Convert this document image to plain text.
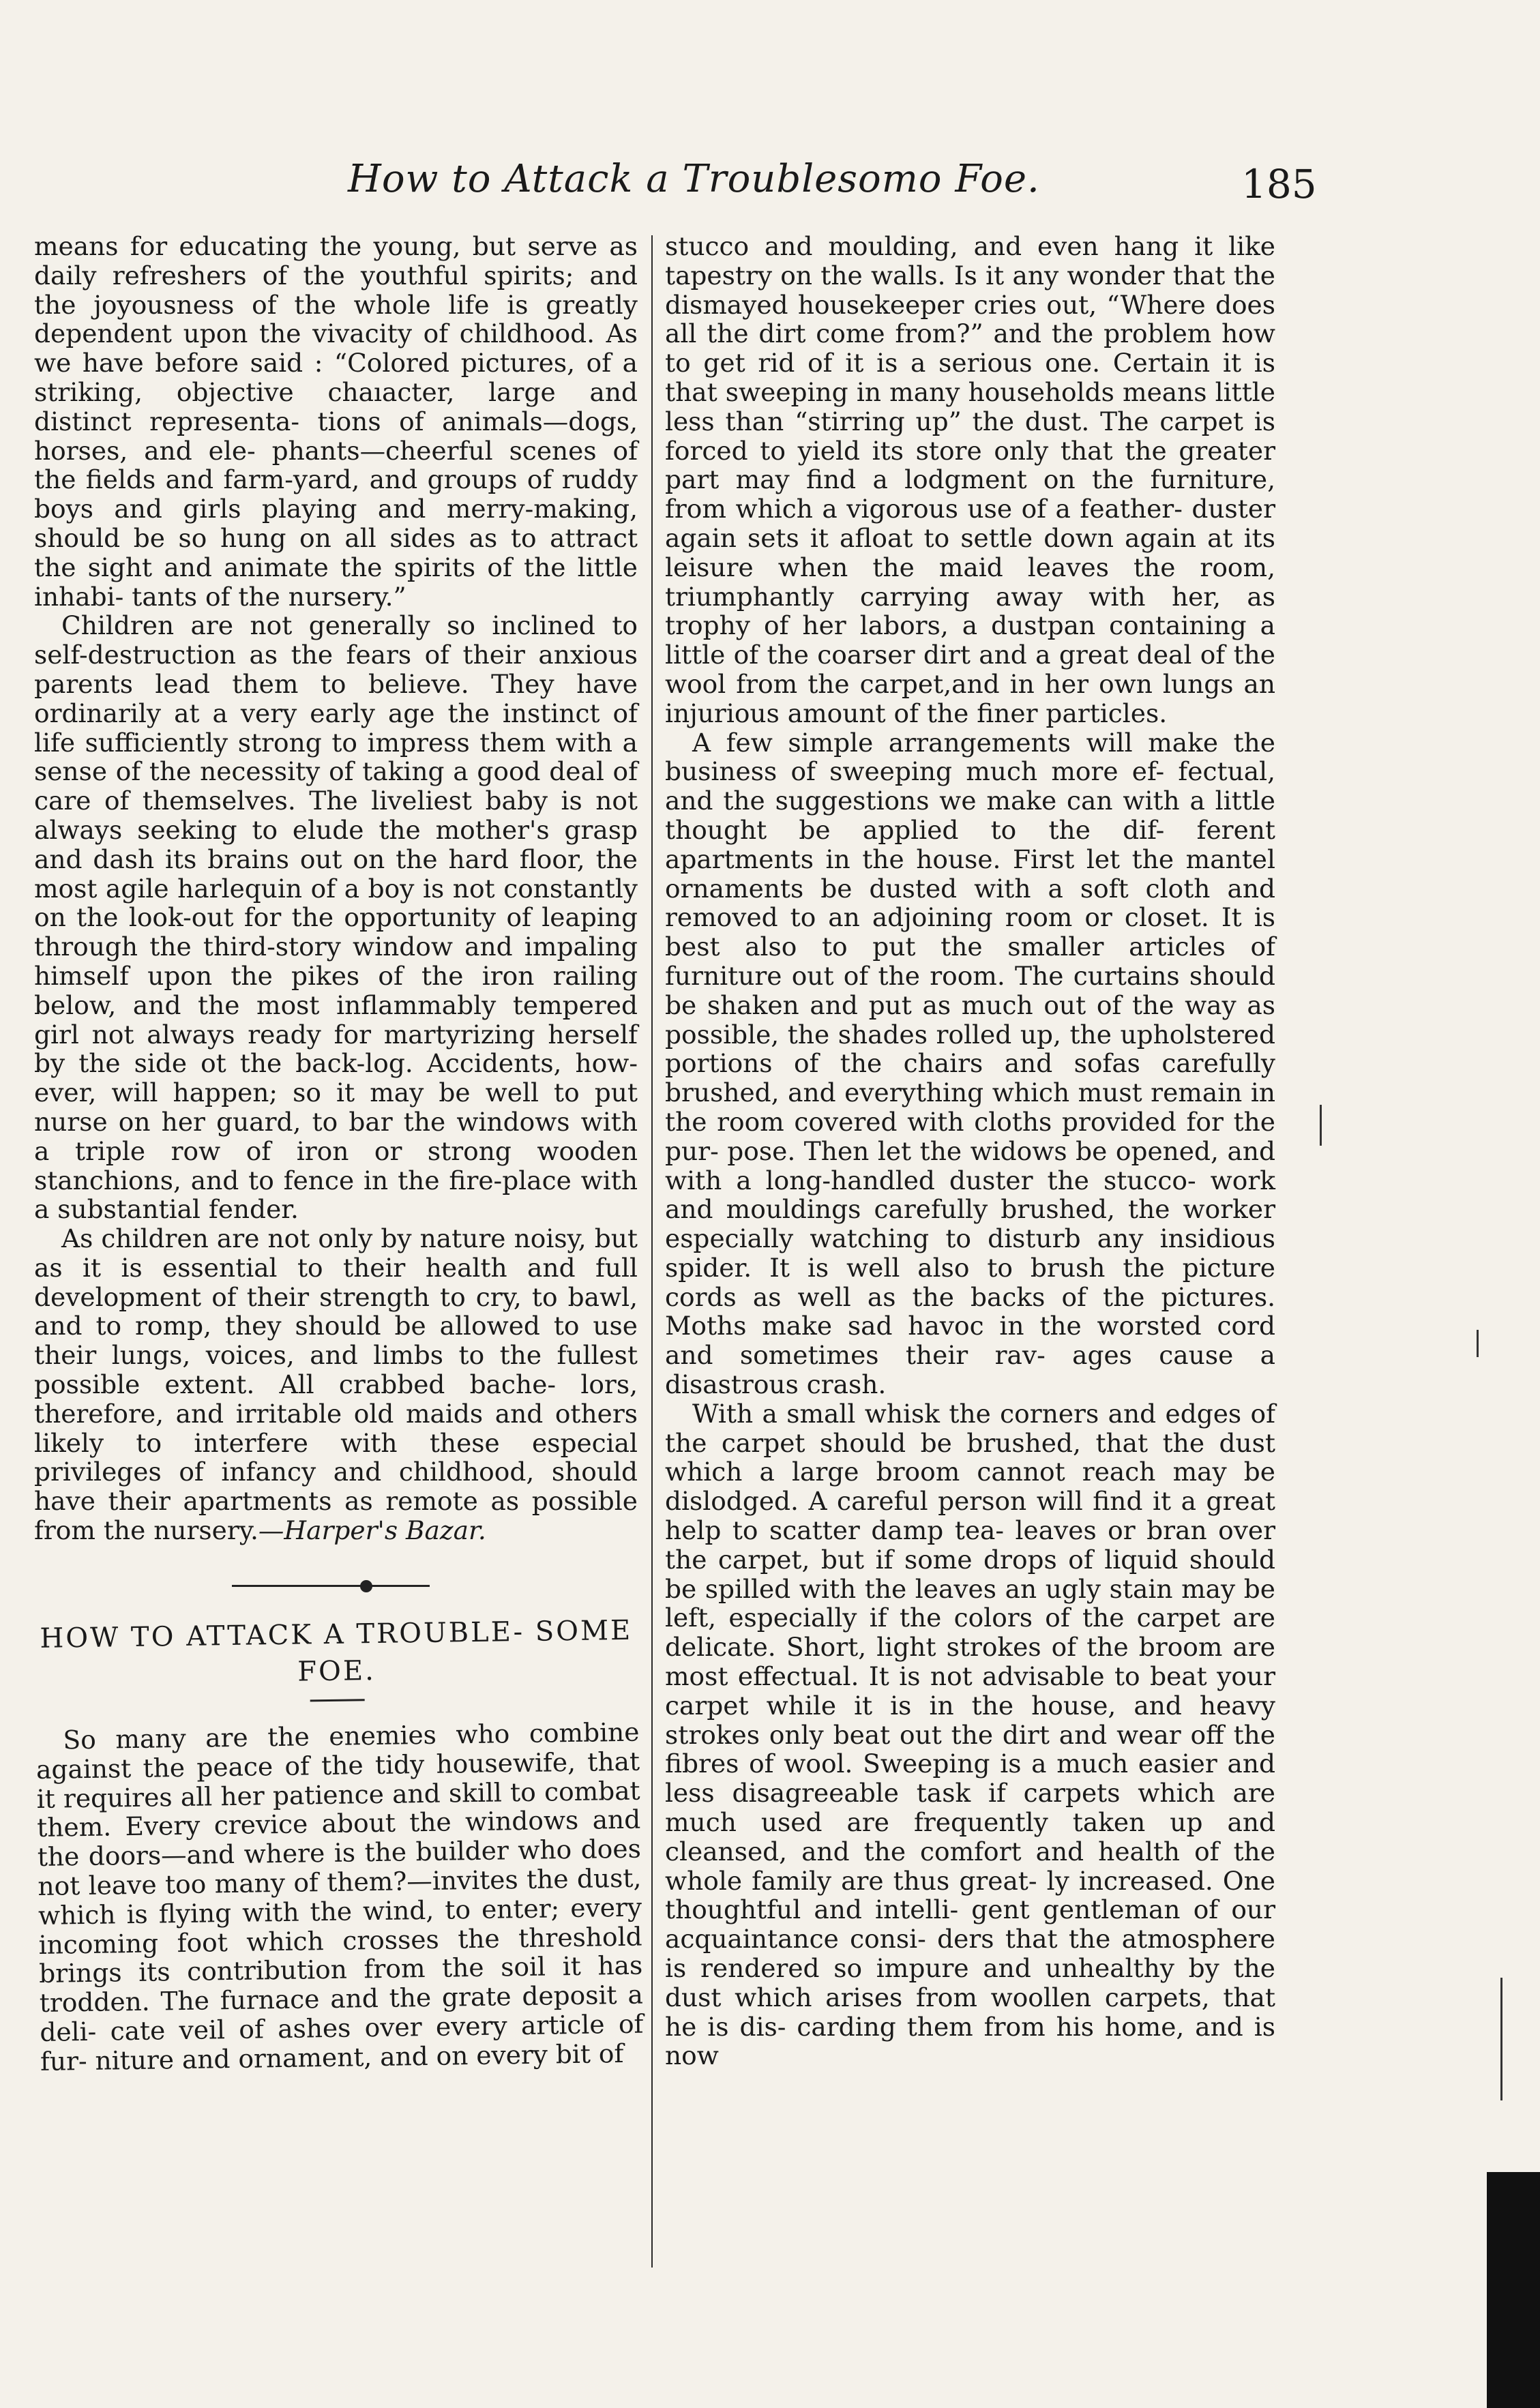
How to Attack a Troublesomo Foe.	185

means for educating the young, but serve as daily refreshers of the youthful spirits; and the joyousness of the whole life is greatly dependent upon the vivacity of childhood. As we have before said : “Colored pictures, of a striking, objective chaıacter, large and distinct representa- tions of animals—dogs, horses, and ele- phants—cheerful scenes of the fields and farm-yard, and groups of ruddy boys and girls playing and merry-making, should be so hung on all sides as to attract the sight and animate the spirits of the little inhabi- tants of the nursery.”

Children are not generally so inclined to self-destruction as the fears of their anxious parents lead them to believe. They have ordinarily at a very early age the instinct of life sufficiently strong to impress them with a sense of the necessity of taking a good deal of care of themselves. The liveliest baby is not always seeking to elude the mother's grasp and dash its brains out on the hard floor, the most agile harlequin of a boy is not constantly on the look-out for the opportunity of leaping through the third-story window and impaling himself upon the pikes of the iron railing below, and the most inflammably tempered girl not always ready for martyrizing herself by the side ot the back-log. Accidents, how- ever, will happen; so it may be well to put nurse on her guard, to bar the windows with a triple row of iron or strong wooden stanchions, and to fence in the fire-place with a substantial fender.

As children are not only by nature noisy, but as it is essential to their health and full development of their strength to cry, to bawl, and to romp, they should be allowed to use their lungs, voices, and limbs to the fullest possible extent. All crabbed bache- lors, therefore, and irritable old maids and others likely to interfere with these especial privileges of infancy and childhood, should have their apartments as remote as possible from the nursery.—Harper's Bazar.

HOW TO ATTACK A TROUBLE- SOME FOE.

So many are the enemies who combine against the peace of the tidy housewife, that it requires all her patience and skill to combat them. Every crevice about the windows and the doors—and where is the builder who does not leave too many of them?—invites the dust, which is flying with the wind, to enter; every incoming foot which crosses the threshold brings its contribution from the soil it has trodden. The furnace and the grate deposit a deli- cate veil of ashes over every article of fur- niture and ornament, and on every bit of

stucco and moulding, and even hang it like tapestry on the walls. Is it any wonder that the dismayed housekeeper cries out, “Where does all the dirt come from?” and the problem how to get rid of it is a serious one. Certain it is that sweeping in many households means little less than “stirring up” the dust. The carpet is forced to yield its store only that the greater part may find a lodgment on the furniture, from which a vigorous use of a feather- duster again sets it afloat to settle down again at its leisure when the maid leaves the room, triumphantly carrying away with her, as trophy of her labors, a dustpan containing a little of the coarser dirt and a great deal of the wool from the carpet,and in her own lungs an injurious amount of the finer particles.

A few simple arrangements will make the business of sweeping much more ef- fectual, and the suggestions we make can with a little thought be applied to the dif- ferent apartments in the house. First let the mantel ornaments be dusted with a soft cloth and removed to an adjoining room or closet. It is best also to put the smaller articles of furniture out of the room. The curtains should be shaken and put as much out of the way as possible, the shades rolled up, the upholstered portions of the chairs and sofas carefully brushed, and everything which must remain in the room covered with cloths provided for the pur- pose. Then let the widows be opened, and with a long-handled duster the stucco- work and mouldings carefully brushed, the worker especially watching to disturb any insidious spider. It is well also to brush the picture cords as well as the backs of the pictures. Moths make sad havoc in the worsted cord and sometimes their rav- ages cause a disastrous crash.

With a small whisk the corners and edges of the carpet should be brushed, that the dust which a large broom cannot reach may be dislodged. A careful person will find it a great help to scatter damp tea- leaves or bran over the carpet, but if some drops of liquid should be spilled with the leaves an ugly stain may be left, especially if the colors of the carpet are delicate. Short, light strokes of the broom are most effectual. It is not advisable to beat your carpet while it is in the house, and heavy strokes only beat out the dirt and wear off the fibres of wool. Sweeping is a much easier and less disagreeable task if carpets which are much used are frequently taken up and cleansed, and the comfort and health of the whole family are thus great- ly increased. One thoughtful and intelli- gent gentleman of our acquaintance consi- ders that the atmosphere is rendered so impure and unhealthy by the dust which arises from woollen carpets, that he is dis- carding them from his home, and is now
